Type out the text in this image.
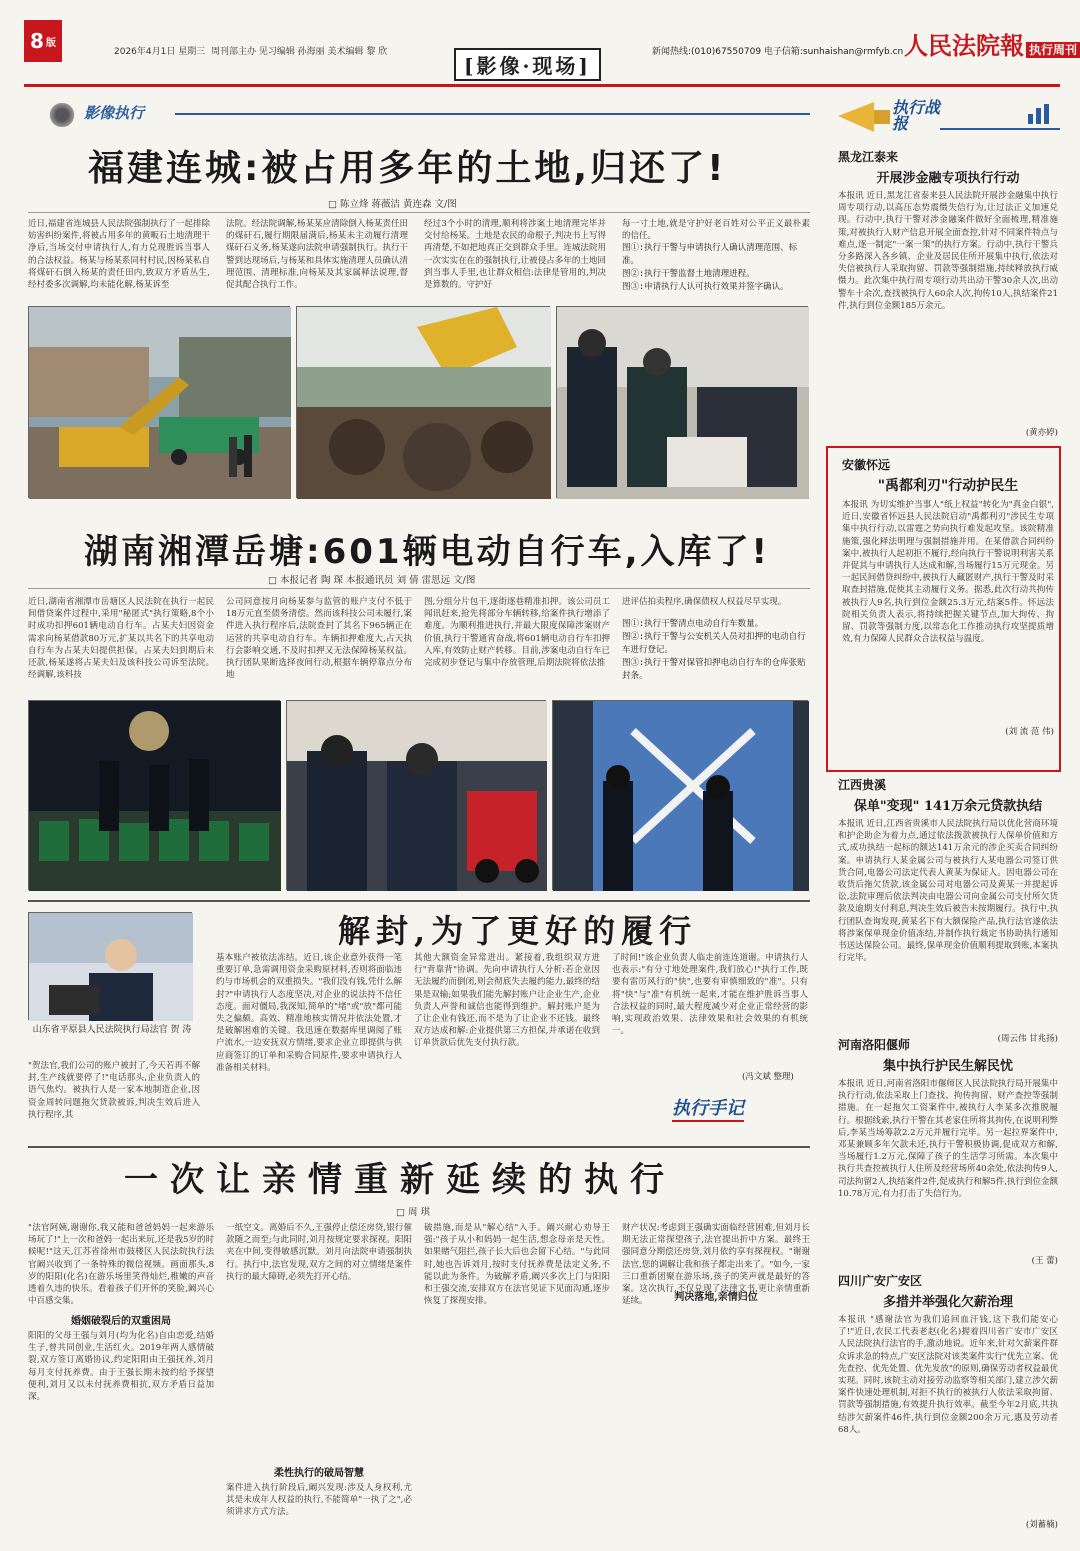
8 版
2026年4月1日 星期三 周刊部主办 见习编辑 孙海丽 美术编辑 黎 欣
[影像·现场]
新闻热线:(010)67550709 电子信箱:sunhaishan@rmfyb.cn 人民法院報 执行周刊
影像执行
福建连城:被占用多年的土地,归还了!
□ 陈立烽 蒋薇洁 黄连森 文/图
近日,福建省连城县人民法院强制执行了一起排除妨害纠纷案件,将被占用多年的黄畈石土地清理干净后,当场交付申请执行人,有力兑现胜诉当事人的合法权益。杨某与杨某系同村村民,因杨某私自将煤矸石倒入杨某的责任田内,致双方矛盾丛生,经村委多次调解,均未能化解,杨某诉至
法院。经法院调解,杨某某应清除倒入杨某责任田的煤矸石,履行期限届满后,杨某未主动履行清理煤矸石义务,杨某遂向法院申请强制执行。执行干警到达现场后,与杨某和具体实施清理人员确认清理范围、清理标准,向杨某及其家属释法说理,督促其配合执行工作。
经过3个小时的清理,顺利将涉案土地清理完毕并交付给杨某。土地是农民的命根子,判决书上写得再清楚,不如把地真正交到群众手里。连城法院用一次实实在在的强制执行,让被侵占多年的土地回到当事人手里,也让群众相信:法律是管用的,判决是算数的。守护好
每一寸土地,就是守护好老百姓对公平正义最朴素的信任。
图①:执行干警与申请执行人确认清理范围、标准。
图②:执行干警监督土地清理进程。
图③:申请执行人认可执行效果并签字确认。
湖南湘潭岳塘:601辆电动自行车,入库了!
□ 本报记者 陶 琛 本报通讯员 刘 倩 雷思远 文/图
近日,湖南省湘潭市岳塘区人民法院在执行一起民间借贷案件过程中,采用"秘匿式"执行策略,8个小时成功扣押601辆电动自行车。占某夫妇因资金需求向杨某借款80万元,扩某以共名下的共享电动自行车为占某夫妇提供担保。占某夫妇到期后未还款,杨某遂将占某夫妇及该科技公司诉至法院。经调解,该科技
公司同意按月向杨某参与监管的账户支付不低于18万元直至债务清偿。然而该科技公司未履行,案件进入执行程序后,法院查封了其名下965辆正在运营的共享电动自行车。车辆扣押难度大,占天执行会影响交通,不及时扣押又无法保障杨某权益。执行团队果断选择夜间行动,根据车辆停靠点分布地
图,分组分片包干,逐街逐巷精准扣押。该公司员工闻讯赶来,抢先将部分车辆转移,给案件执行增添了难度。为顺利推进执行,并最大限度保障涉案财产价值,执行干警通宵奋战,将601辆电动自行车扣押入库,有效防止财产转移。目前,涉案电动自行车已完成初步登记与集中存放管理,后期法院将依法推
进评估拍卖程序,确保债权人权益尽早实现。
图①:执行干警清点电动自行车数量。
图②:执行干警与公安机关人员对扣押的电动自行车进行登记。
图③:执行干警对保管扣押电动自行车的仓库张贴封条。
解封,为了更好的履行
山东省平原县人民法院执行局法官 贺 涛
"贺法官,我们公司的账户被封了,今天若再不解封,生产线就要停了!"电话那头,企业负责人的语气焦灼。被执行人是一家本地制造企业,因资金周转问题拖欠货款被诉,判决生效后进入执行程序,其
基本账户被依法冻结。近日,该企业意外获得一笔重要订单,急需调用资金采购原材料,否则将面临违约与市场机会的双重损失。"我们没有钱,凭什么解封?"申请执行人态度坚决,对企业的说法持不信任态度。面对僵局,我深知,简单的"堵"或"放"都可能失之偏颇。高效、精准地核实情况并依法处置,才是破解困难的关键。我迅速在数据库里调阅了账户流水,一边安抚双方情绪,要求企业立即提供与供应商签订的订单和采购合同原件,要求申请执行人准备相关材料。
其他大额资金异常进出。紧接着,我组织双方进行"背靠背"协调。先向申请执行人分析:若企业因无法履约而倒闭,则会彻底失去履约能力,最终的结果是双输;如果我们能先解封账户让企业生产,企业负责人声誉和诚信也能得到维护。解封账户是为了让企业有钱还,而不是为了让企业不还钱。最终双方达成和解:企业提供第三方担保,并承诺在收到订单货款后优先支付执行款。
了时间!"该企业负责人临走前连连道谢。申请执行人也表示:"有分寸地处理案件,我们放心!"执行工作,既要有雷厉风行的"快",也要有审慎细致的"准"。只有将"快"与"准"有机统一起来,才能在维护胜诉当事人合法权益的同时,最大程度减少对企业正常经营的影响,实现政治效果、法律效果和社会效果的有机统一。
(冯文斌 整理)
执行手记
一次让亲情重新延续的执行
□ 周 琪
"法官阿姨,谢谢你,我又能和爸爸妈妈一起来游乐场玩了!"上一次和爸妈一起出来玩,还是我5岁的时候呢!"这天,江苏省徐州市鼓楼区人民法院执行法官阚兴收到了一条特殊的微信视频。画面那头,8岁的阳阳(化名)在游乐场里笑得灿烂,稚嫩的声音透着久违的快乐。看着孩子们开怀的笑脸,阚兴心中百感交集。
婚姻破裂后的双重困局
阳阳的父母王强与刘月(均为化名)自由恋爱,结婚生子,曾共同创业,生活红火。2019年两人感情破裂,双方签订离婚协议,约定阳阳由王强抚养,刘月每月支付抚养费。由于王强长期未按约给予探望便利,刘月又以未付抚养费相抗,双方矛盾日益加深。
一纸空文。离婚后不久,王强停止偿还房贷,银行催款随之而至;与此同时,刘月按规定要求探视。阳阳夹在中间,变得敏感沉默。刘月向法院申请强制执行。执行中,法官发现,双方之间的对立情绪是案件执行的最大障碍,必须先打开心结。
柔性执行的破局智慧
案件进入执行阶段后,阚兴发现:涉及人身权利,尤其是未成年人权益的执行,不能简单"一执了之",必须讲求方式方法。
破措施,而是从"解心结"入手。阚兴耐心劝导王强:"孩子从小和妈妈一起生活,想念母亲是天性。如果赌气阻拦,孩子长大后也会留下心结。"与此同时,她也告诉刘月,按时支付抚养费是法定义务,不能以此为条件。为破解矛盾,阚兴多次上门与阳阳和王强交流,安排双方在法官见证下见面沟通,逐步恢复了探视安排。
财产状况:考虑到王强确实面临经营困难,但刘月长期无法正常探望孩子,法官提出折中方案。最终王强同意分期偿还房贷,刘月依约享有探视权。"谢谢法官,您的调解让我和孩子都走出来了。"如今,一家三口重新团聚在游乐场,孩子的笑声就是最好的答案。这次执行,不仅兑现了法律文书,更让亲情重新延续。	判决落地,亲情归位
执行战报
黑龙江泰来
开展涉金融专项执行行动
本报讯 近日,黑龙江省泰来县人民法院开展涉金融集中执行周专项行动,以高压态势震慑失信行为,让过法正义加速兑现。行动中,执行干警对涉金融案件做好全面梳理,精准施策,对被执行人财产信息开展全面查控,针对不同案件特点与难点,逐一制定"一案一策"的执行方案。行动中,执行干警兵分多路深入各乡镇、企业及居民住所开展集中执行,依法对失信被执行人采取拘留、罚款等强制措施,持续释放执行威慑力。此次集中执行周专项行动共出动干警30余人次,出动警车十余次,查找被执行人60余人次,拘传10人,执结案件21件,执行到位金额185万余元。
(黄亦婷)
安徽怀远
"禹都利刃"行动护民生
本报讯 为切实维护当事人"纸上权益"转化为"真金白银",近日,安徽省怀远县人民法院启动"禹都利刃"涉民生专项集中执行行动,以雷霆之势向执行难发起攻坚。该院精准施策,强化释法明理与强制措施并用。在某借款合同纠纷案中,被执行人起初拒不履行,经向执行干警说明利害关系并促其与申请执行人达成和解,当场履行15万元现金。另一起民间借贷纠纷中,被执行人藏匿财产,执行干警及时采取查封措施,促使其主动履行义务。据悉,此次行动共拘传被执行人9名,执行到位金额25.3万元,结案5件。怀远法院相关负责人表示,将持续把握关键节点,加大拘传、拘留、罚款等强制力度,以常态化工作推动执行攻坚提质增效,有力保障人民群众合法权益与温度。
(刘 流 范 伟)
江西贵溪
保单"变现" 141万余元贷款执结
本报讯 近日,江西省贵溪市人民法院执行局以优化营商环境和护企助企为着力点,通过依法拨款被执行人保单价值和方式,成功执结一起标的额达141万余元的涉企买卖合同纠纷案。申请执行人某金属公司与被执行人某电器公司签订供货合同,电器公司法定代表人黄某为保证人。因电器公司在收货后拖欠货款,该金属公司对电器公司及黄某一并提起诉讼,法院审理后依法判决由电器公司向金属公司支付所欠货款及逾期支付利息,判决生效后被告未按期履行。执行中,执行团队查询发现,黄某名下有大额保险产品,执行法官遂依法将涉案保单现金价值冻结,并制作执行裁定书协助执行通知书送达保险公司。最终,保单现金价值顺利提取到账,本案执行完毕。
(周云伟 甘兆扬)
河南洛阳偃师
集中执行护民生解民忧
本报讯 近日,河南省洛阳市偃师区人民法院执行局开展集中执行行动,依法采取上门查找、拘传拘留、财产查控等强制措施。在一起拖欠工资案件中,被执行人李某多次推脱履行。根据线索,执行干警在其老家住所将其拘传,在说明利弊后,李某当场筹款2.2万元并履行完毕。另一起拉界案件中,邓某兼顾多年欠款未还,执行干警积极协调,促成双方和解,当场履行1.2万元,保障了孩子的生活学习所需。本次集中执行共查控被执行人住所及经营场所40余处,依法拘传9人,司法拘留2人,执结案件2件,促成执行和解5件,执行到位金额10.78万元,有力打击了失信行为。
(王 蕾)
四川广安广安区
多措并举强化欠薪治理
本报讯 "感谢法官为我们追回血汗钱,这下我们能安心了!"近日,农民工代表老赵(化名)握着四川省广安市广安区人民法院执行法官的手,激动地说。近年来,针对欠薪案件群众诉求急的特点,广安区法院对该类案件实行"优先立案、优先查控、优先处置、优先发放"的原则,确保劳动者权益最优实现。同时,该院主动对接劳动监察等相关部门,建立涉欠薪案件快速处理机制,对拒不执行的被执行人依法采取拘留、罚款等强制措施,有效提升执行效率。截至今年2月底,共执结涉欠薪案件46件,执行到位金额200余万元,惠及劳动者68人。
(刘蓄楠)
